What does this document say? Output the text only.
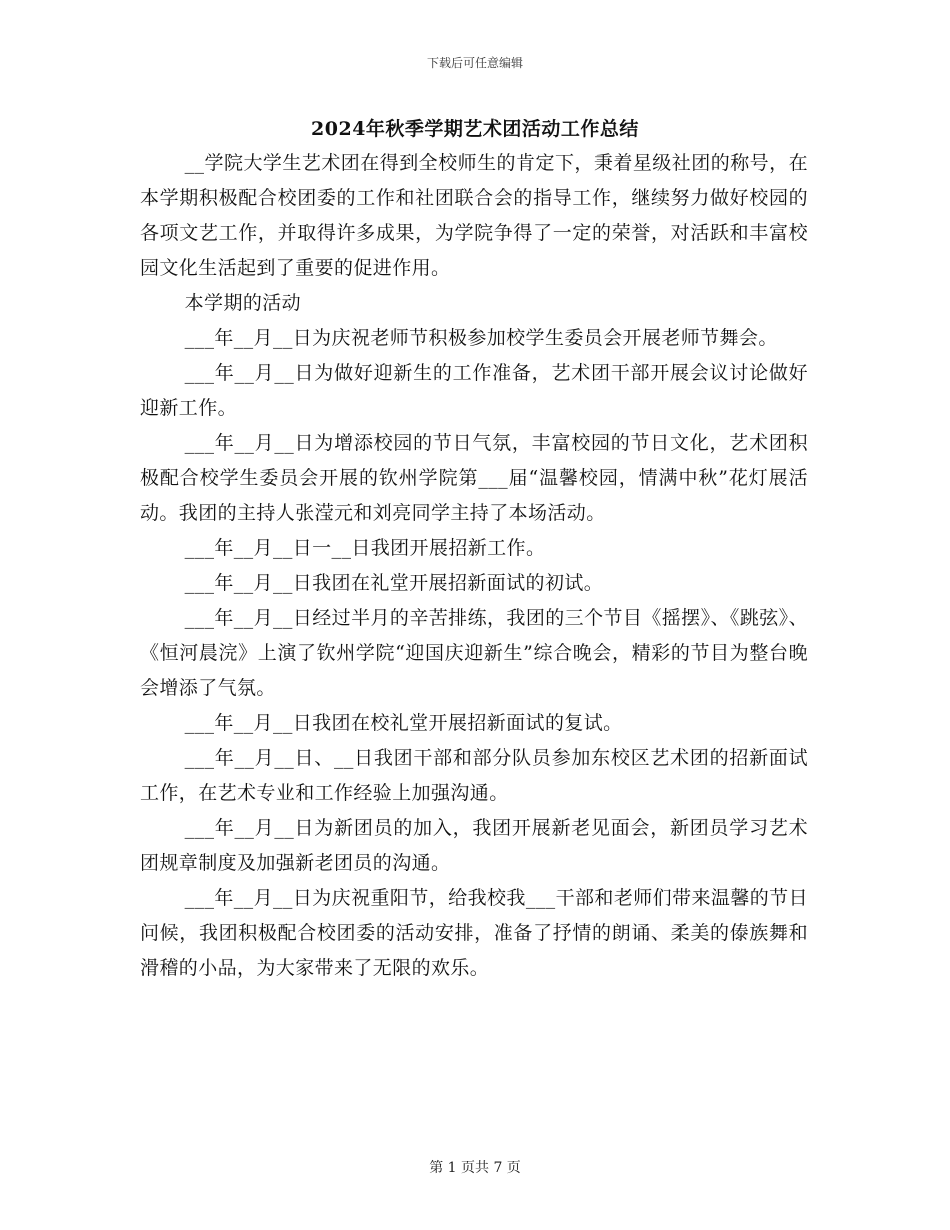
下载后可任意编辑
2024年秋季学期艺术团活动工作总结

__学院大学生艺术团在得到全校师生的肯定下，秉着星级社团的称号，在本学期积极配合校团委的工作和社团联合会的指导工作，继续努力做好校园的各项文艺工作，并取得许多成果，为学院争得了一定的荣誉，对活跃和丰富校园文化生活起到了重要的促进作用。

本学期的活动

___年__月__日为庆祝老师节积极参加校学生委员会开展老师节舞会。

___年__月__日为做好迎新生的工作准备，艺术团干部开展会议讨论做好迎新工作。

___年__月__日为增添校园的节日气氛，丰富校园的节日文化，艺术团积极配合校学生委员会开展的钦州学院第___届“温馨校园，情满中秋”花灯展活动。我团的主持人张滢元和刘亮同学主持了本场活动。

___年__月__日一__日我团开展招新工作。

___年__月__日我团在礼堂开展招新面试的初试。

___年__月__日经过半月的辛苦排练，我团的三个节目《摇摆》、《跳弦》、《恒河晨浣》上演了钦州学院“迎国庆迎新生”综合晚会，精彩的节目为整台晚会增添了气氛。

___年__月__日我团在校礼堂开展招新面试的复试。

___年__月__日、__日我团干部和部分队员参加东校区艺术团的招新面试工作，在艺术专业和工作经验上加强沟通。

___年__月__日为新团员的加入，我团开展新老见面会，新团员学习艺术团规章制度及加强新老团员的沟通。

___年__月__日为庆祝重阳节，给我校我___干部和老师们带来温馨的节日问候，我团积极配合校团委的活动安排，准备了抒情的朗诵、柔美的傣族舞和滑稽的小品，为大家带来了无限的欢乐。

第 1 页共 7 页
